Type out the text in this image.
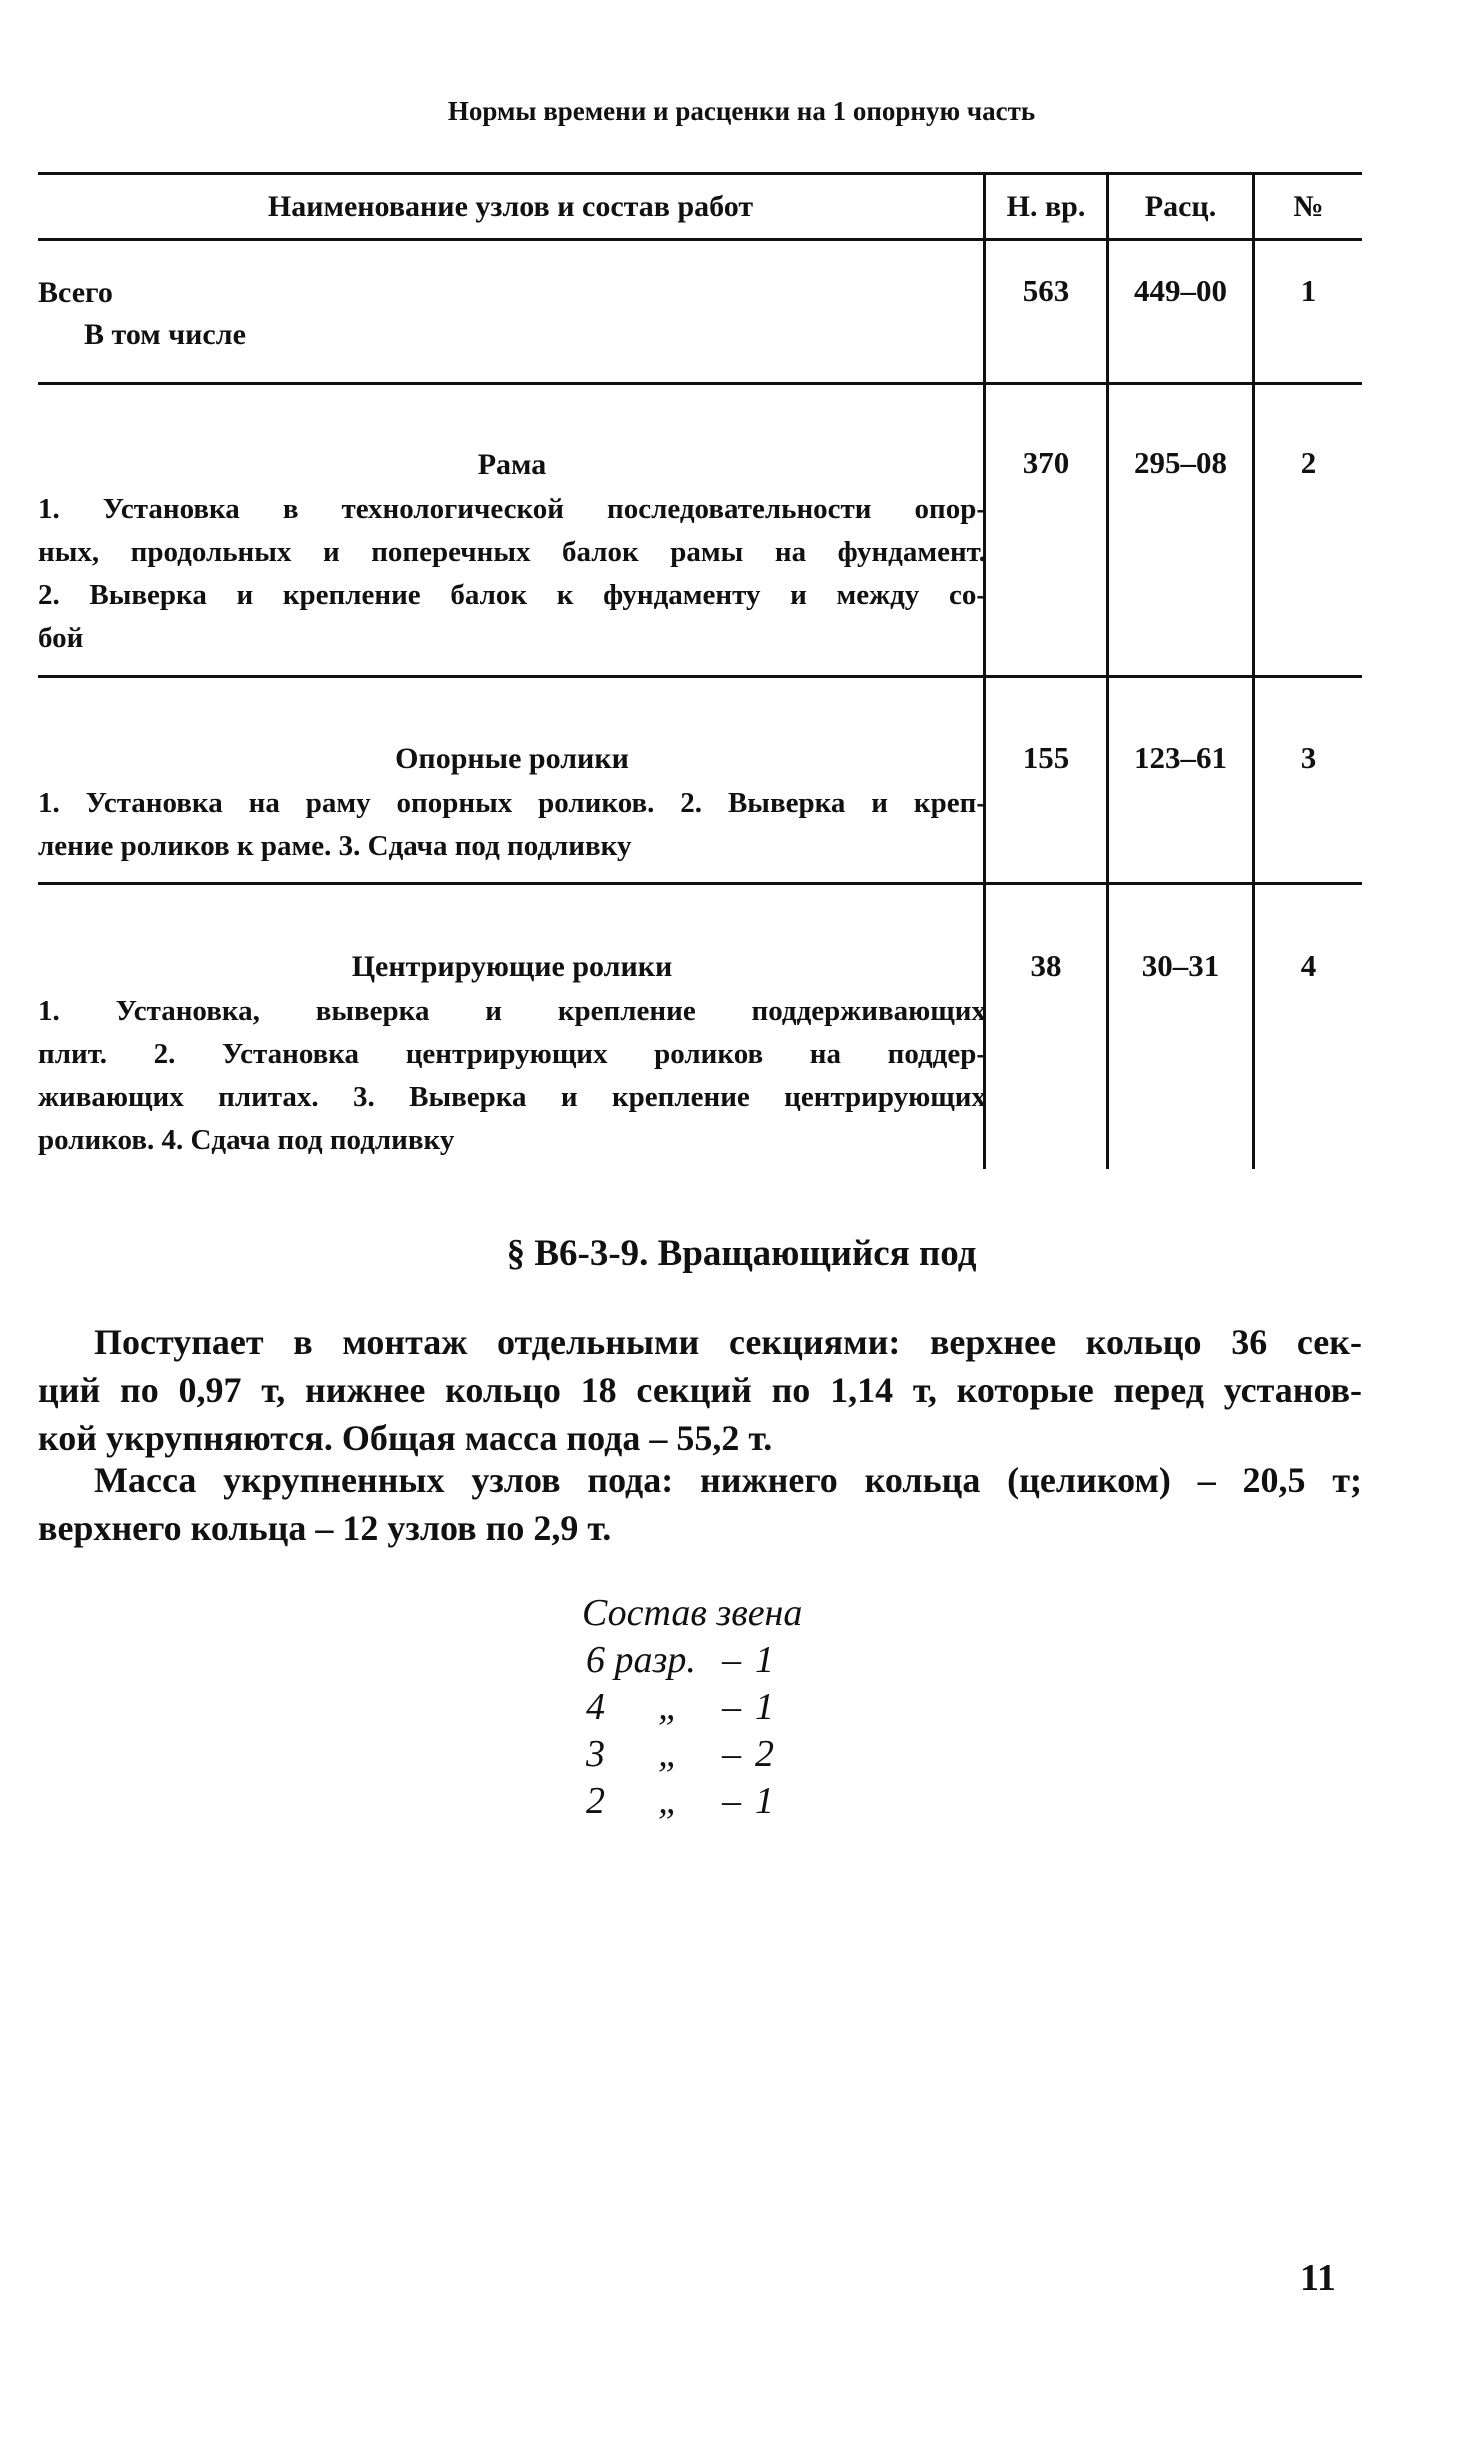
Нормы времени и расценки на 1 опорную часть
Наименование узлов и состав работ	Н. вр.	Расц.	№
Всего
В том числе
563	449–00	1
Рама
1. Установка в технологической последовательности опор-
ных, продольных и поперечных балок рамы на фундамент.
2. Выверка и крепление балок к фундаменту и между со-
бой
370	295–08	2
Опорные ролики
1. Установка на раму опорных роликов. 2. Выверка и креп-
ление роликов к раме. 3. Сдача под подливку
155	123–61	3
Центрирующие ролики
1. Установка, выверка и крепление поддерживающих
плит. 2. Установка центрирующих роликов на поддер-
живающих плитах. 3. Выверка и крепление центрирующих
роликов. 4. Сдача под подливку
38	30–31	4
§ В6-3-9. Вращающийся под
Поступает в монтаж отдельными секциями: верхнее кольцо 36 сек-
ций по 0,97 т, нижнее кольцо 18 секций по 1,14 т, которые перед установ-
кой укрупняются. Общая масса пода – 55,2 т.
Масса укрупненных узлов пода: нижнего кольца (целиком) – 20,5 т;
верхнего кольца – 12 узлов по 2,9 т.
Состав звена
6 разр. – 1
4 „ – 1
3 „ – 2
2 „ – 1
11
